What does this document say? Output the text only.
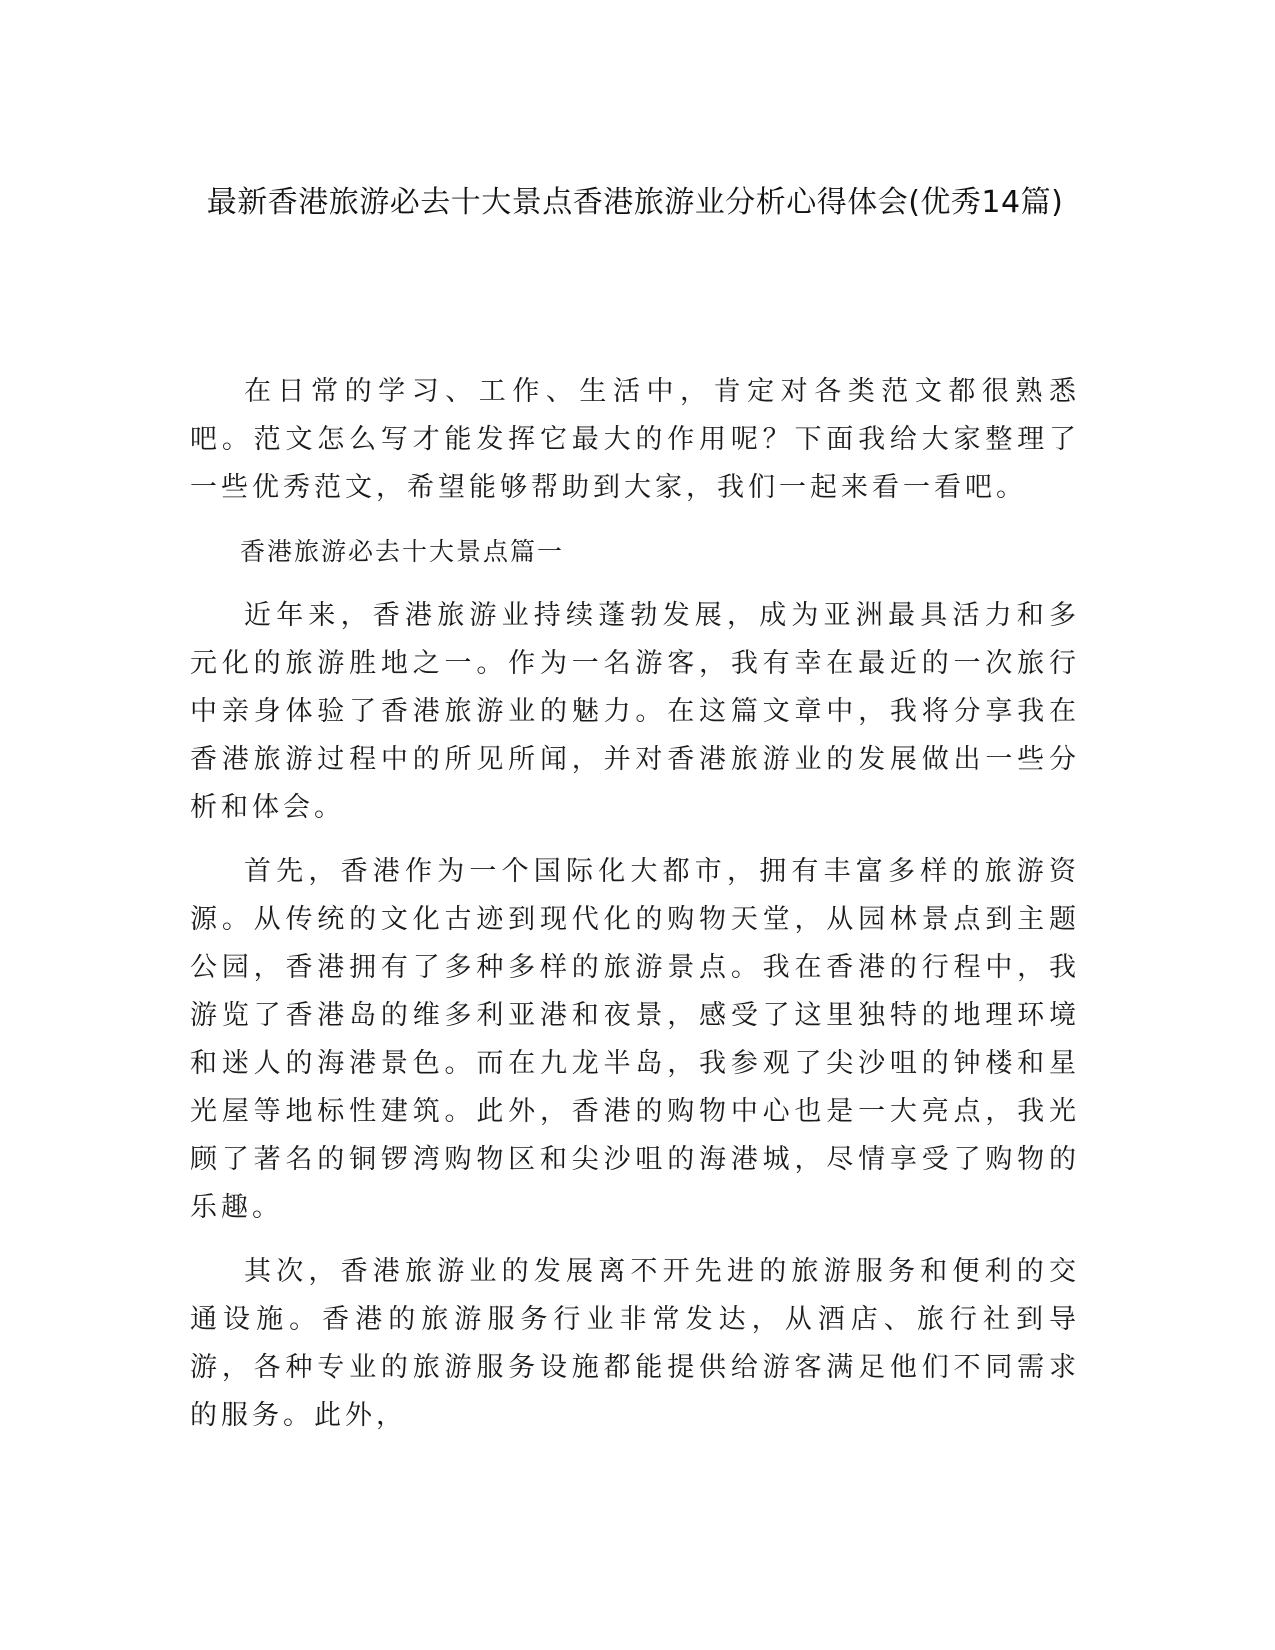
最新香港旅游必去十大景点香港旅游业分析心得体会(优秀14篇)

在日常的学习、工作、生活中，肯定对各类范文都很熟悉吧。范文怎么写才能发挥它最大的作用呢？下面我给大家整理了一些优秀范文，希望能够帮助到大家，我们一起来看一看吧。

香港旅游必去十大景点篇一

近年来，香港旅游业持续蓬勃发展，成为亚洲最具活力和多元化的旅游胜地之一。作为一名游客，我有幸在最近的一次旅行中亲身体验了香港旅游业的魅力。在这篇文章中，我将分享我在香港旅游过程中的所见所闻，并对香港旅游业的发展做出一些分析和体会。

首先，香港作为一个国际化大都市，拥有丰富多样的旅游资源。从传统的文化古迹到现代化的购物天堂，从园林景点到主题公园，香港拥有了多种多样的旅游景点。我在香港的行程中，我游览了香港岛的维多利亚港和夜景，感受了这里独特的地理环境和迷人的海港景色。而在九龙半岛，我参观了尖沙咀的钟楼和星光屋等地标性建筑。此外，香港的购物中心也是一大亮点，我光顾了著名的铜锣湾购物区和尖沙咀的海港城，尽情享受了购物的乐趣。

其次，香港旅游业的发展离不开先进的旅游服务和便利的交通设施。香港的旅游服务行业非常发达，从酒店、旅行社到导游，各种专业的旅游服务设施都能提供给游客满足他们不同需求的服务。此外，
